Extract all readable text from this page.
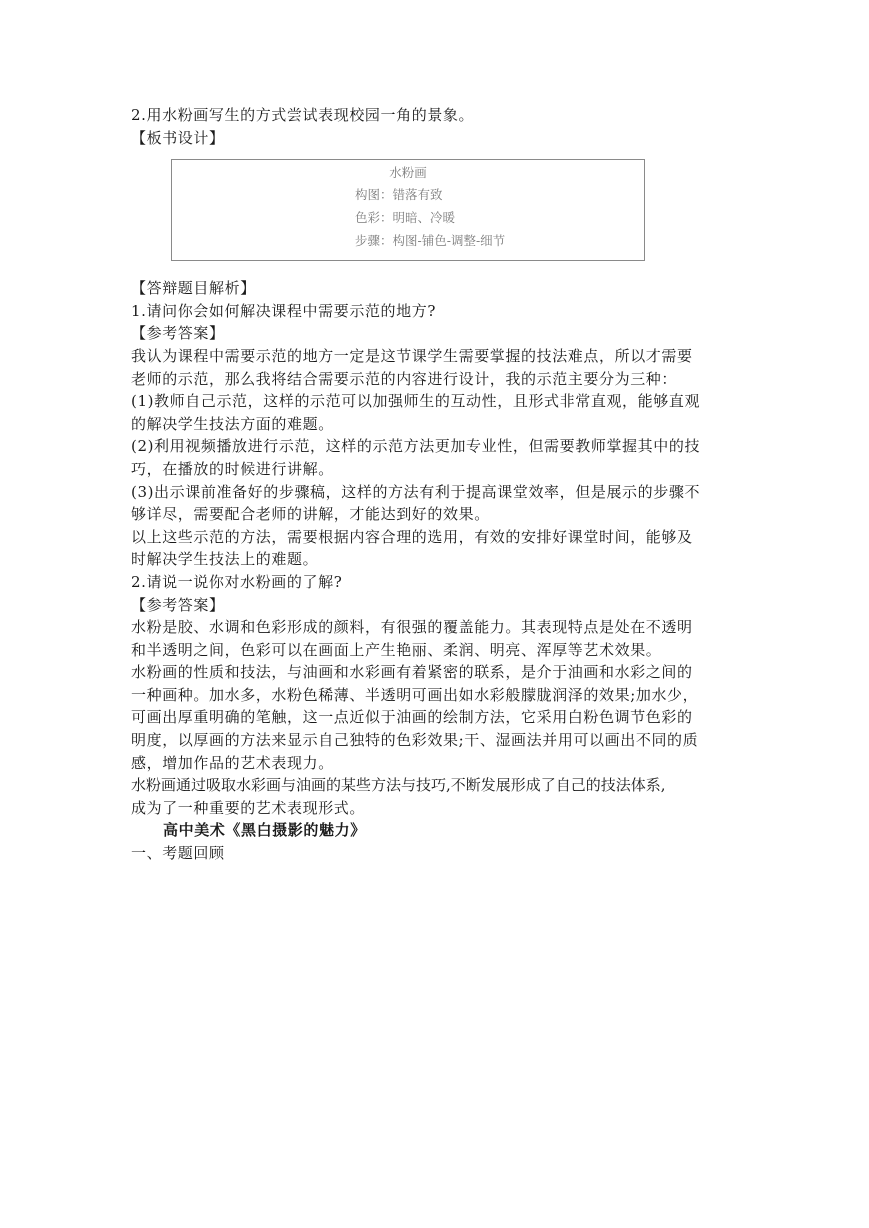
2.用水粉画写生的方式尝试表现校园一角的景象。
【板书设计】
水粉画
构图：错落有致
色彩：明暗、冷暖
步骤：构图-铺色-调整-细节
【答辩题目解析】
1.请问你会如何解决课程中需要示范的地方?
【参考答案】
我认为课程中需要示范的地方一定是这节课学生需要掌握的技法难点，所以才需要
老师的示范，那么我将结合需要示范的内容进行设计，我的示范主要分为三种：
(1)教师自己示范，这样的示范可以加强师生的互动性，且形式非常直观，能够直观
的解决学生技法方面的难题。
(2)利用视频播放进行示范，这样的示范方法更加专业性，但需要教师掌握其中的技
巧，在播放的时候进行讲解。
(3)出示课前准备好的步骤稿，这样的方法有利于提高课堂效率，但是展示的步骤不
够详尽，需要配合老师的讲解，才能达到好的效果。
以上这些示范的方法，需要根据内容合理的选用，有效的安排好课堂时间，能够及
时解决学生技法上的难题。
2.请说一说你对水粉画的了解?
【参考答案】
水粉是胶、水调和色彩形成的颜料，有很强的覆盖能力。其表现特点是处在不透明
和半透明之间，色彩可以在画面上产生艳丽、柔润、明亮、浑厚等艺术效果。
水粉画的性质和技法，与油画和水彩画有着紧密的联系，是介于油画和水彩之间的
一种画种。加水多，水粉色稀薄、半透明可画出如水彩般朦胧润泽的效果;加水少，
可画出厚重明确的笔触，这一点近似于油画的绘制方法，它采用白粉色调节色彩的
明度，以厚画的方法来显示自己独特的色彩效果;干、湿画法并用可以画出不同的质
感，增加作品的艺术表现力。
水粉画通过吸取水彩画与油画的某些方法与技巧,不断发展形成了自己的技法体系,
成为了一种重要的艺术表现形式。
高中美术《黑白摄影的魅力》
一、考题回顾
